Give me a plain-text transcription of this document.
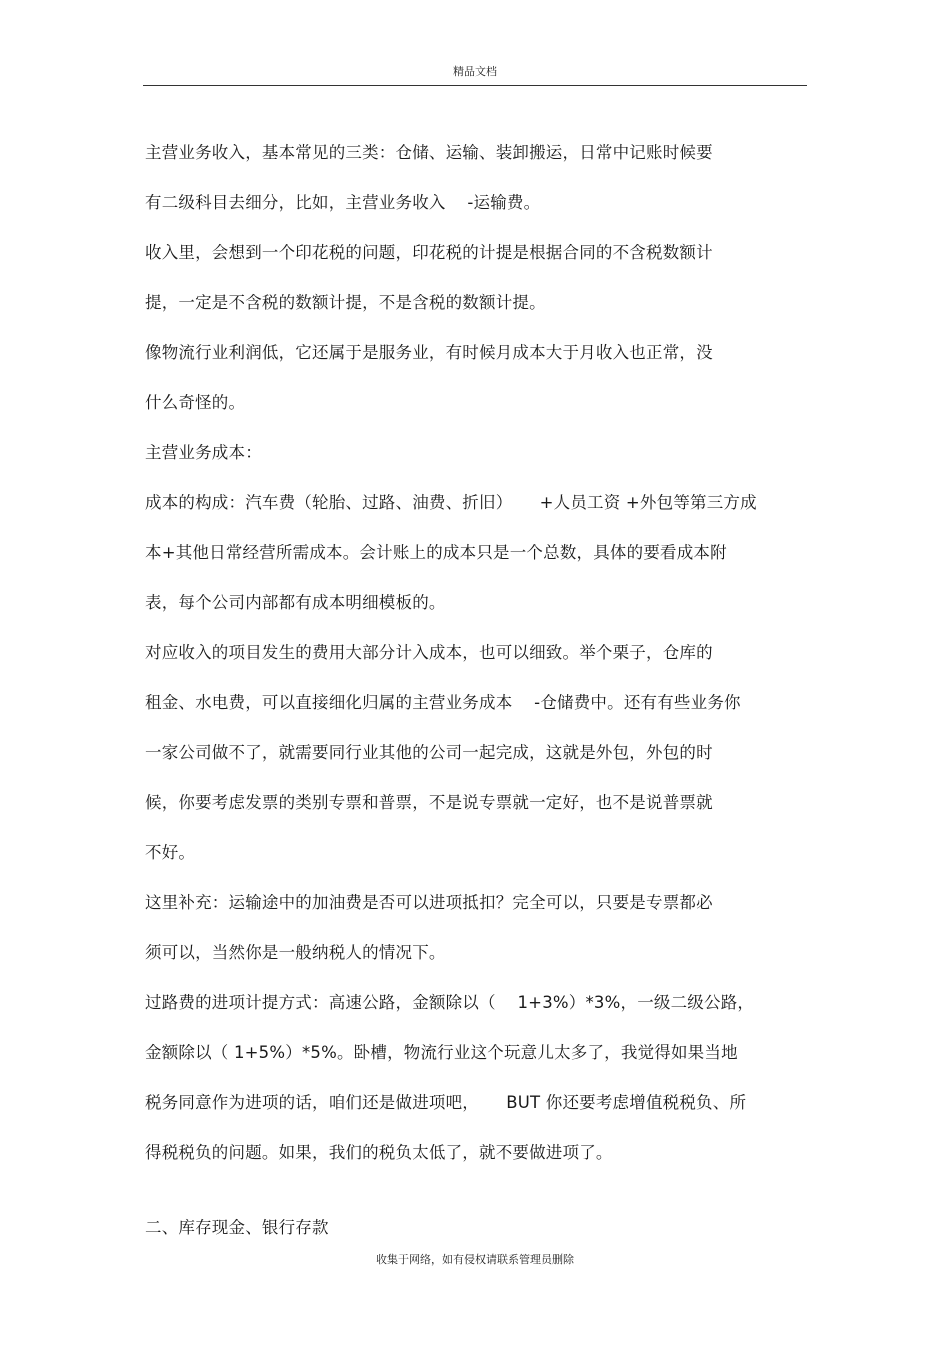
精品文档
主营业务收入，基本常见的三类：仓储、运输、装卸搬运，日常中记账时候要
有二级科目去细分，比如，主营业务收入    -运输费。
收入里，会想到一个印花税的问题，印花税的计提是根据合同的不含税数额计
提，一定是不含税的数额计提，不是含税的数额计提。
像物流行业利润低，它还属于是服务业，有时候月成本大于月收入也正常，没
什么奇怪的。
主营业务成本：
成本的构成：汽车费（轮胎、过路、油费、折旧）     +人员工资 +外包等第三方成
本+其他日常经营所需成本。会计账上的成本只是一个总数，具体的要看成本附
表，每个公司内部都有成本明细模板的。
对应收入的项目发生的费用大部分计入成本，也可以细致。举个栗子，仓库的
租金、水电费，可以直接细化归属的主营业务成本    -仓储费中。还有有些业务你
一家公司做不了，就需要同行业其他的公司一起完成，这就是外包，外包的时
候，你要考虑发票的类别专票和普票，不是说专票就一定好，也不是说普票就
不好。
这里补充：运输途中的加油费是否可以进项抵扣？完全可以，只要是专票都必
须可以，当然你是一般纳税人的情况下。
过路费的进项计提方式：高速公路，金额除以（    1+3%）*3%，一级二级公路，
金额除以（ 1+5%）*5%。卧槽，物流行业这个玩意儿太多了，我觉得如果当地
税务同意作为进项的话，咱们还是做进项吧，     BUT 你还要考虑增值税税负、所
得税税负的问题。如果，我们的税负太低了，就不要做进项了。
二、库存现金、银行存款
收集于网络，如有侵权请联系管理员删除
